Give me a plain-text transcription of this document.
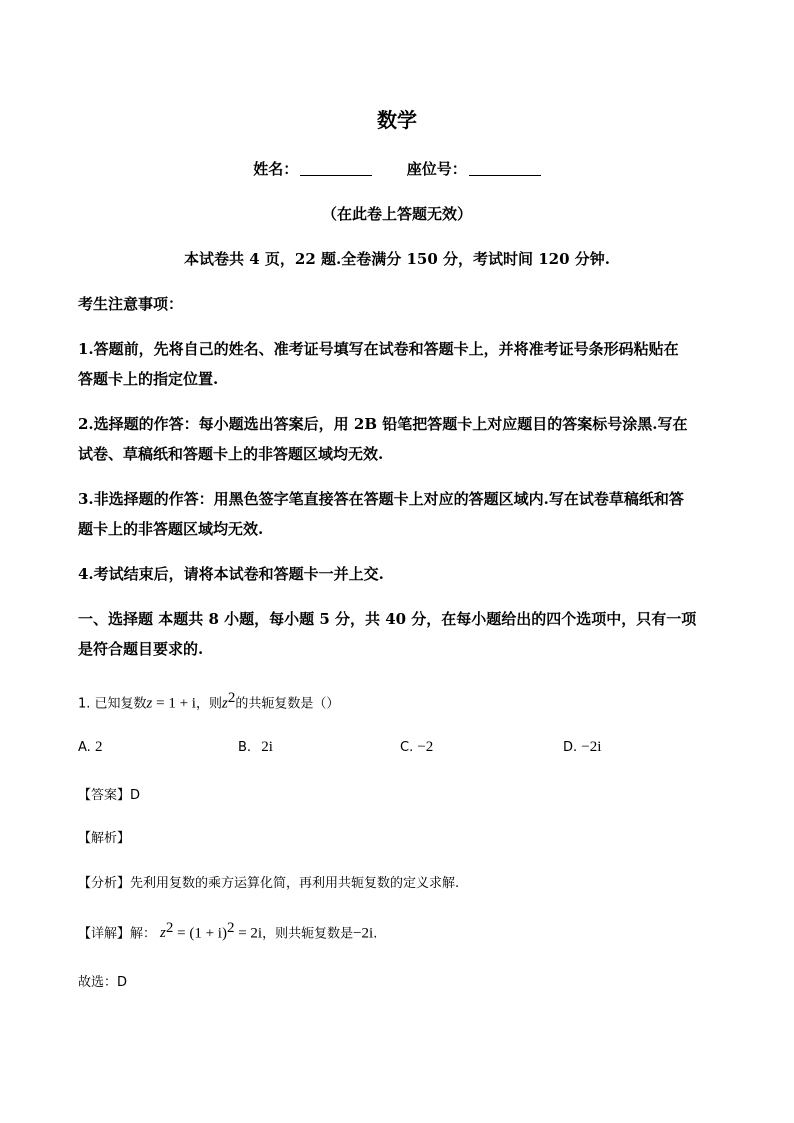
数学
姓名：	座位号：
（在此卷上答题无效）
本试卷共 4 页，22 题.全卷满分 150 分，考试时间 120 分钟.
考生注意事项：
1.答题前，先将自己的姓名、准考证号填写在试卷和答题卡上，并将准考证号条形码粘贴在
答题卡上的指定位置.
2.选择题的作答：每小题选出答案后，用 2B 铅笔把答题卡上对应题目的答案标号涂黑.写在
试卷、草稿纸和答题卡上的非答题区域均无效.
3.非选择题的作答：用黑色签字笔直接答在答题卡上对应的答题区域内.写在试卷草稿纸和答
题卡上的非答题区域均无效.
4.考试结束后，请将本试卷和答题卡一并上交.
一、选择题 本题共 8 小题，每小题 5 分，共 40 分，在每小题给出的四个选项中，只有一项
是符合题目要求的.
1. 已知复数z = 1 + i，则$z^2$的共轭复数是（）
A. 2	B. 2i	C. −2	D. −2i
【答案】D
【解析】
【分析】先利用复数的乘方运算化简，再利用共轭复数的定义求解.
【详解】解： $z^2 = (1 + i)^2 = 2i$，则共轭复数是−2i.
故选：D
